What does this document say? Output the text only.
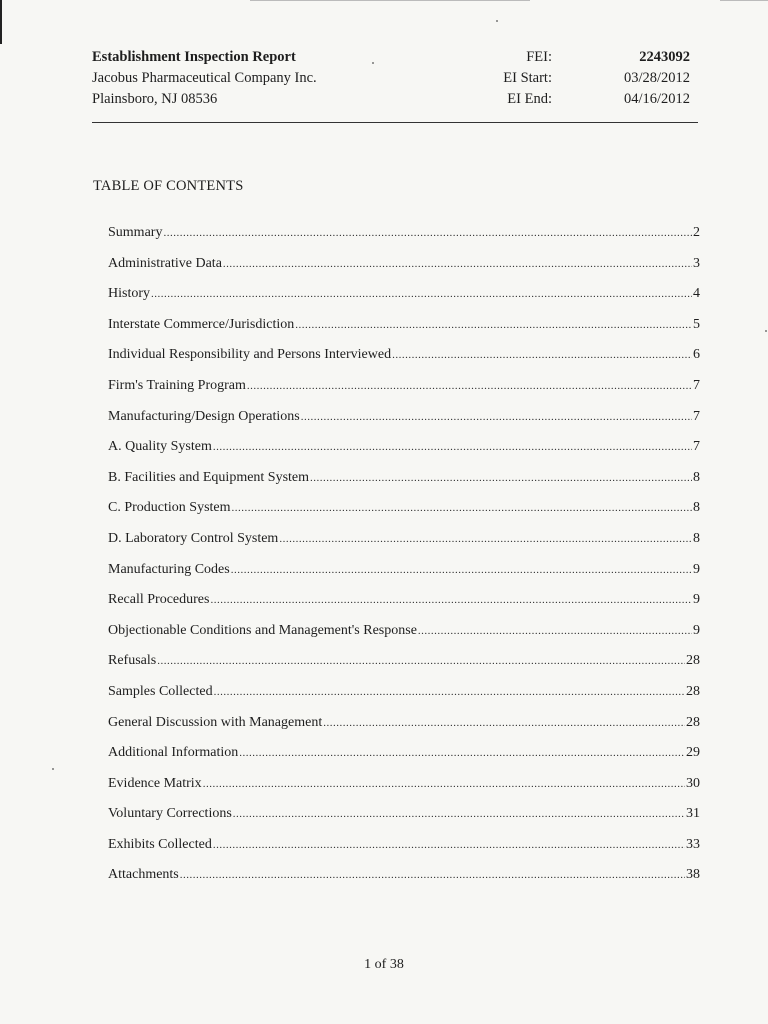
Establishment Inspection Report	FEI:	2243092
Jacobus Pharmaceutical Company Inc.	EI Start:	03/28/2012
Plainsboro, NJ 08536	EI End:	04/16/2012
TABLE OF CONTENTS
Summary .....	2
Administrative Data .....	3
History .....	4
Interstate Commerce/Jurisdiction .....	5
Individual Responsibility and Persons Interviewed .....	6
Firm's Training Program .....	7
Manufacturing/Design Operations .....	7
A. Quality System .....	7
B. Facilities and Equipment System .....	8
C. Production System .....	8
D. Laboratory Control System .....	8
Manufacturing Codes .....	9
Recall Procedures .....	9
Objectionable Conditions and Management's Response .....	9
Refusals .....	28
Samples Collected .....	28
General Discussion with Management .....	28
Additional Information .....	29
Evidence Matrix .....	30
Voluntary Corrections .....	31
Exhibits Collected .....	33
Attachments .....	38
1 of 38
